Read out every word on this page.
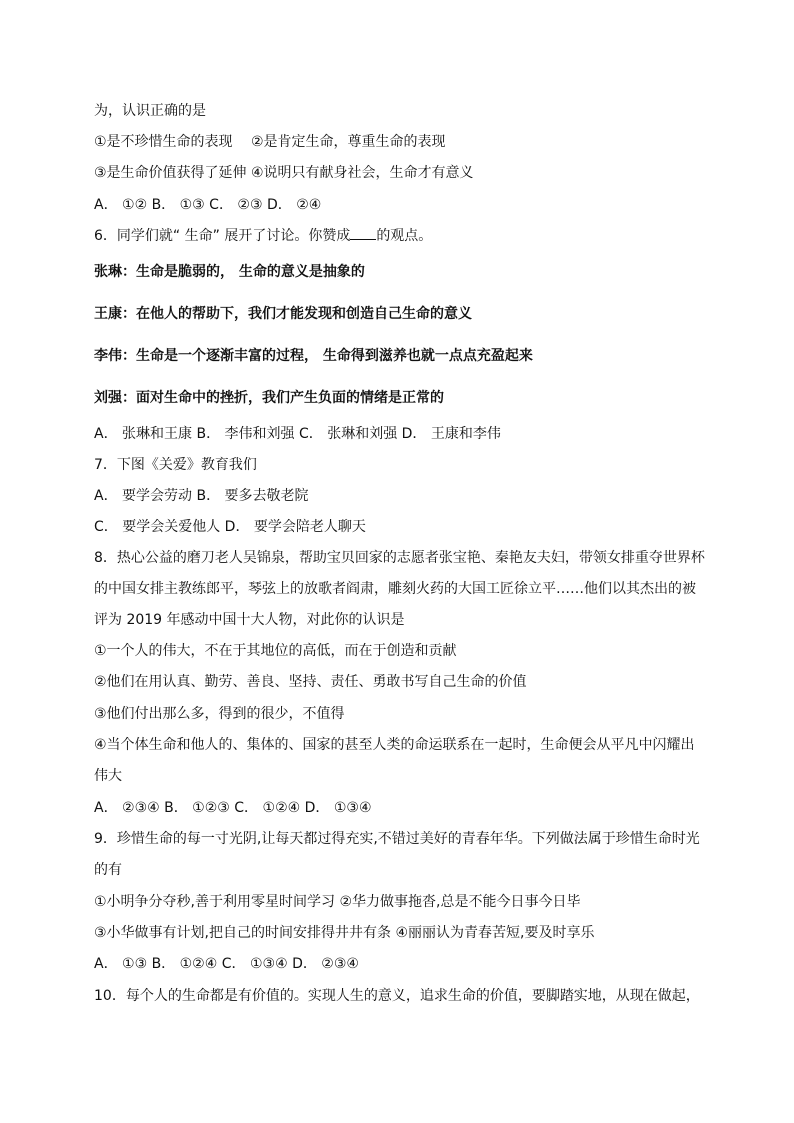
为，认识正确的是
①是不珍惜生命的表现　 ②是肯定生命，尊重生命的表现
③是生命价值获得了延伸 ④说明只有献身社会，生命才有意义
A． ①② B． ①③ C． ②③ D． ②④
6．同学们就“ 生命” 展开了讨论。你赞成 的观点。
张琳：生命是脆弱的， 生命的意义是抽象的
王康：在他人的帮助下，我们才能发现和创造自己生命的意义
李伟：生命是一个逐渐丰富的过程， 生命得到滋养也就一点点充盈起来
刘强：面对生命中的挫折，我们产生负面的情绪是正常的
A． 张琳和王康 B． 李伟和刘强 C． 张琳和刘强 D． 王康和李伟
7．下图《关爱》教育我们
A． 要学会劳动 B． 要多去敬老院
C． 要学会关爱他人 D． 要学会陪老人聊天
8．热心公益的磨刀老人吴锦泉，帮助宝贝回家的志愿者张宝艳、秦艳友夫妇，带领女排重夺世界杯
的中国女排主教练郎平，琴弦上的放歌者阎肃，雕刻火药的大国工匠徐立平……他们以其杰出的被
评为 2019 年感动中国十大人物，对此你的认识是
①一个人的伟大，不在于其地位的高低，而在于创造和贡献
②他们在用认真、勤劳、善良、坚持、责任、勇敢书写自己生命的价值
③他们付出那么多，得到的很少，不值得
④当个体生命和他人的、集体的、国家的甚至人类的命运联系在一起时，生命便会从平凡中闪耀出
伟大
A． ②③④ B． ①②③ C． ①②④ D． ①③④
9．珍惜生命的每一寸光阴,让每天都过得充实,不错过美好的青春年华。下列做法属于珍惜生命时光
的有
①小明争分夺秒,善于利用零星时间学习 ②华力做事拖沓,总是不能今日事今日毕
③小华做事有计划,把自己的时间安排得井井有条 ④丽丽认为青春苦短,要及时享乐
A． ①③ B． ①②④ C． ①③④ D． ②③④
10．每个人的生命都是有价值的。实现人生的意义，追求生命的价值，要脚踏实地，从现在做起，
